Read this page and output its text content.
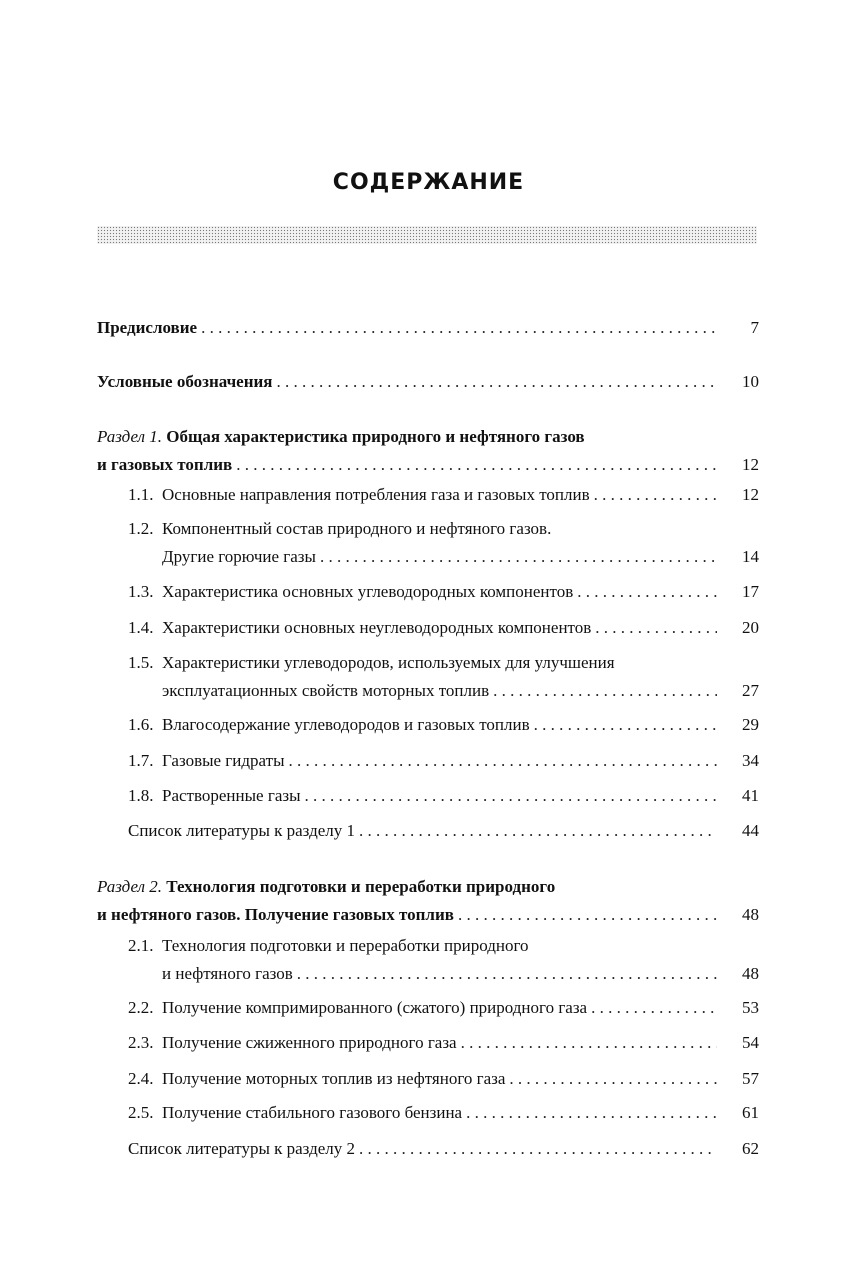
СОДЕРЖАНИЕ
Предисловие . . .	7
Условные обозначения . . .	10
Раздел 1. Общая характеристика природного и нефтяного газов
и газовых топлив . . .	12
1.1. Основные направления потребления газа и газовых топлив . . .	12
1.2. Компонентный состав природного и нефтяного газов.
Другие горючие газы . . .	14
1.3. Характеристика основных углеводородных компонентов . . .	17
1.4. Характеристики основных неуглеводородных компонентов . . .	20
1.5. Характеристики углеводородов, используемых для улучшения
эксплуатационных свойств моторных топлив . . .	27
1.6. Влагосодержание углеводородов и газовых топлив . . .	29
1.7. Газовые гидраты . . .	34
1.8. Растворенные газы . . .	41
Список литературы к разделу 1 . . .	44
Раздел 2. Технология подготовки и переработки природного
и нефтяного газов. Получение газовых топлив . . .	48
2.1. Технология подготовки и переработки природного
и нефтяного газов . . .	48
2.2. Получение компримированного (сжатого) природного газа . . .	53
2.3. Получение сжиженного природного газа . . .	54
2.4. Получение моторных топлив из нефтяного газа . . .	57
2.5. Получение стабильного газового бензина . . .	61
Список литературы к разделу 2 . . .	62
